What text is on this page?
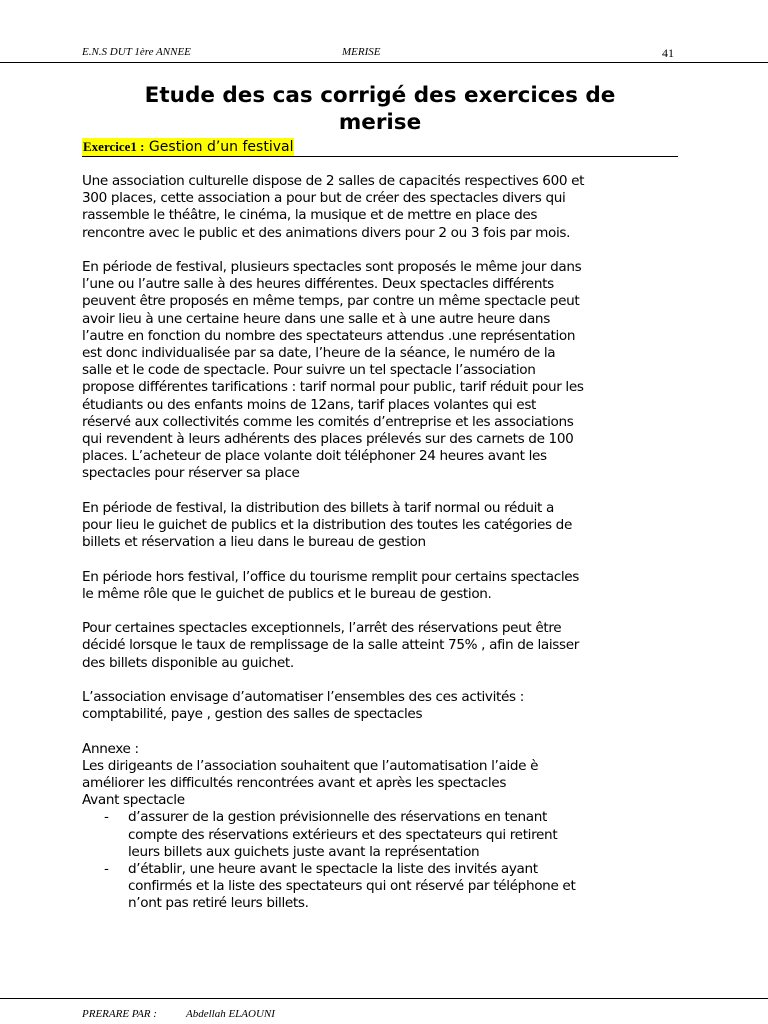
E.N.S DUT 1ère ANNEE	MERISE	41
Etude des cas corrigé des exercices de
merise
Exercice1 : Gestion d’un festival

Une association culturelle dispose de 2 salles de capacités respectives 600 et
300 places, cette association a pour but de créer des spectacles divers qui
rassemble le théâtre, le cinéma, la musique et de mettre en place des
rencontre avec le public et des animations divers pour 2 ou 3 fois par mois.

En période de festival, plusieurs spectacles sont proposés le même jour dans
l’une ou l’autre salle à des heures différentes. Deux spectacles différents
peuvent être proposés en même temps, par contre un même spectacle peut
avoir lieu à une certaine heure dans une salle et à une autre heure dans
l’autre en fonction du nombre des spectateurs attendus .une représentation
est donc individualisée par sa date, l’heure de la séance, le numéro de la
salle et le code de spectacle. Pour suivre un tel spectacle l’association
propose différentes tarifications : tarif normal pour public, tarif réduit pour les
étudiants ou des enfants moins de 12ans, tarif places volantes qui est
réservé aux collectivités comme les comités d’entreprise et les associations
qui revendent à leurs adhérents des places prélevés sur des carnets de 100
places. L’acheteur de place volante doit téléphoner 24 heures avant les
spectacles pour réserver sa place

En période de festival, la distribution des billets à tarif normal ou réduit a
pour lieu le guichet de publics et la distribution des toutes les catégories de
billets et réservation a lieu dans le bureau de gestion

En période hors festival, l’office du tourisme remplit pour certains spectacles
le même rôle que le guichet de publics et le bureau de gestion.

Pour certaines spectacles exceptionnels, l’arrêt des réservations peut être
décidé lorsque le taux de remplissage de la salle atteint 75% , afin de laisser
des billets disponible au guichet.

L’association envisage d’automatiser l’ensembles des ces activités :
comptabilité, paye , gestion des salles de spectacles

Annexe :
Les dirigeants de l’association souhaitent que l’automatisation l’aide è
améliorer les difficultés rencontrées avant et après les spectacles
Avant spectacle

- d’assurer de la gestion prévisionnelle des réservations en tenant
compte des réservations extérieurs et des spectateurs qui retirent
leurs billets aux guichets juste avant la représentation
- d’établir, une heure avant le spectacle la liste des invités ayant
confirmés et la liste des spectateurs qui ont réservé par téléphone et
n’ont pas retiré leurs billets.
PRERARE PAR :	Abdellah ELAOUNI
